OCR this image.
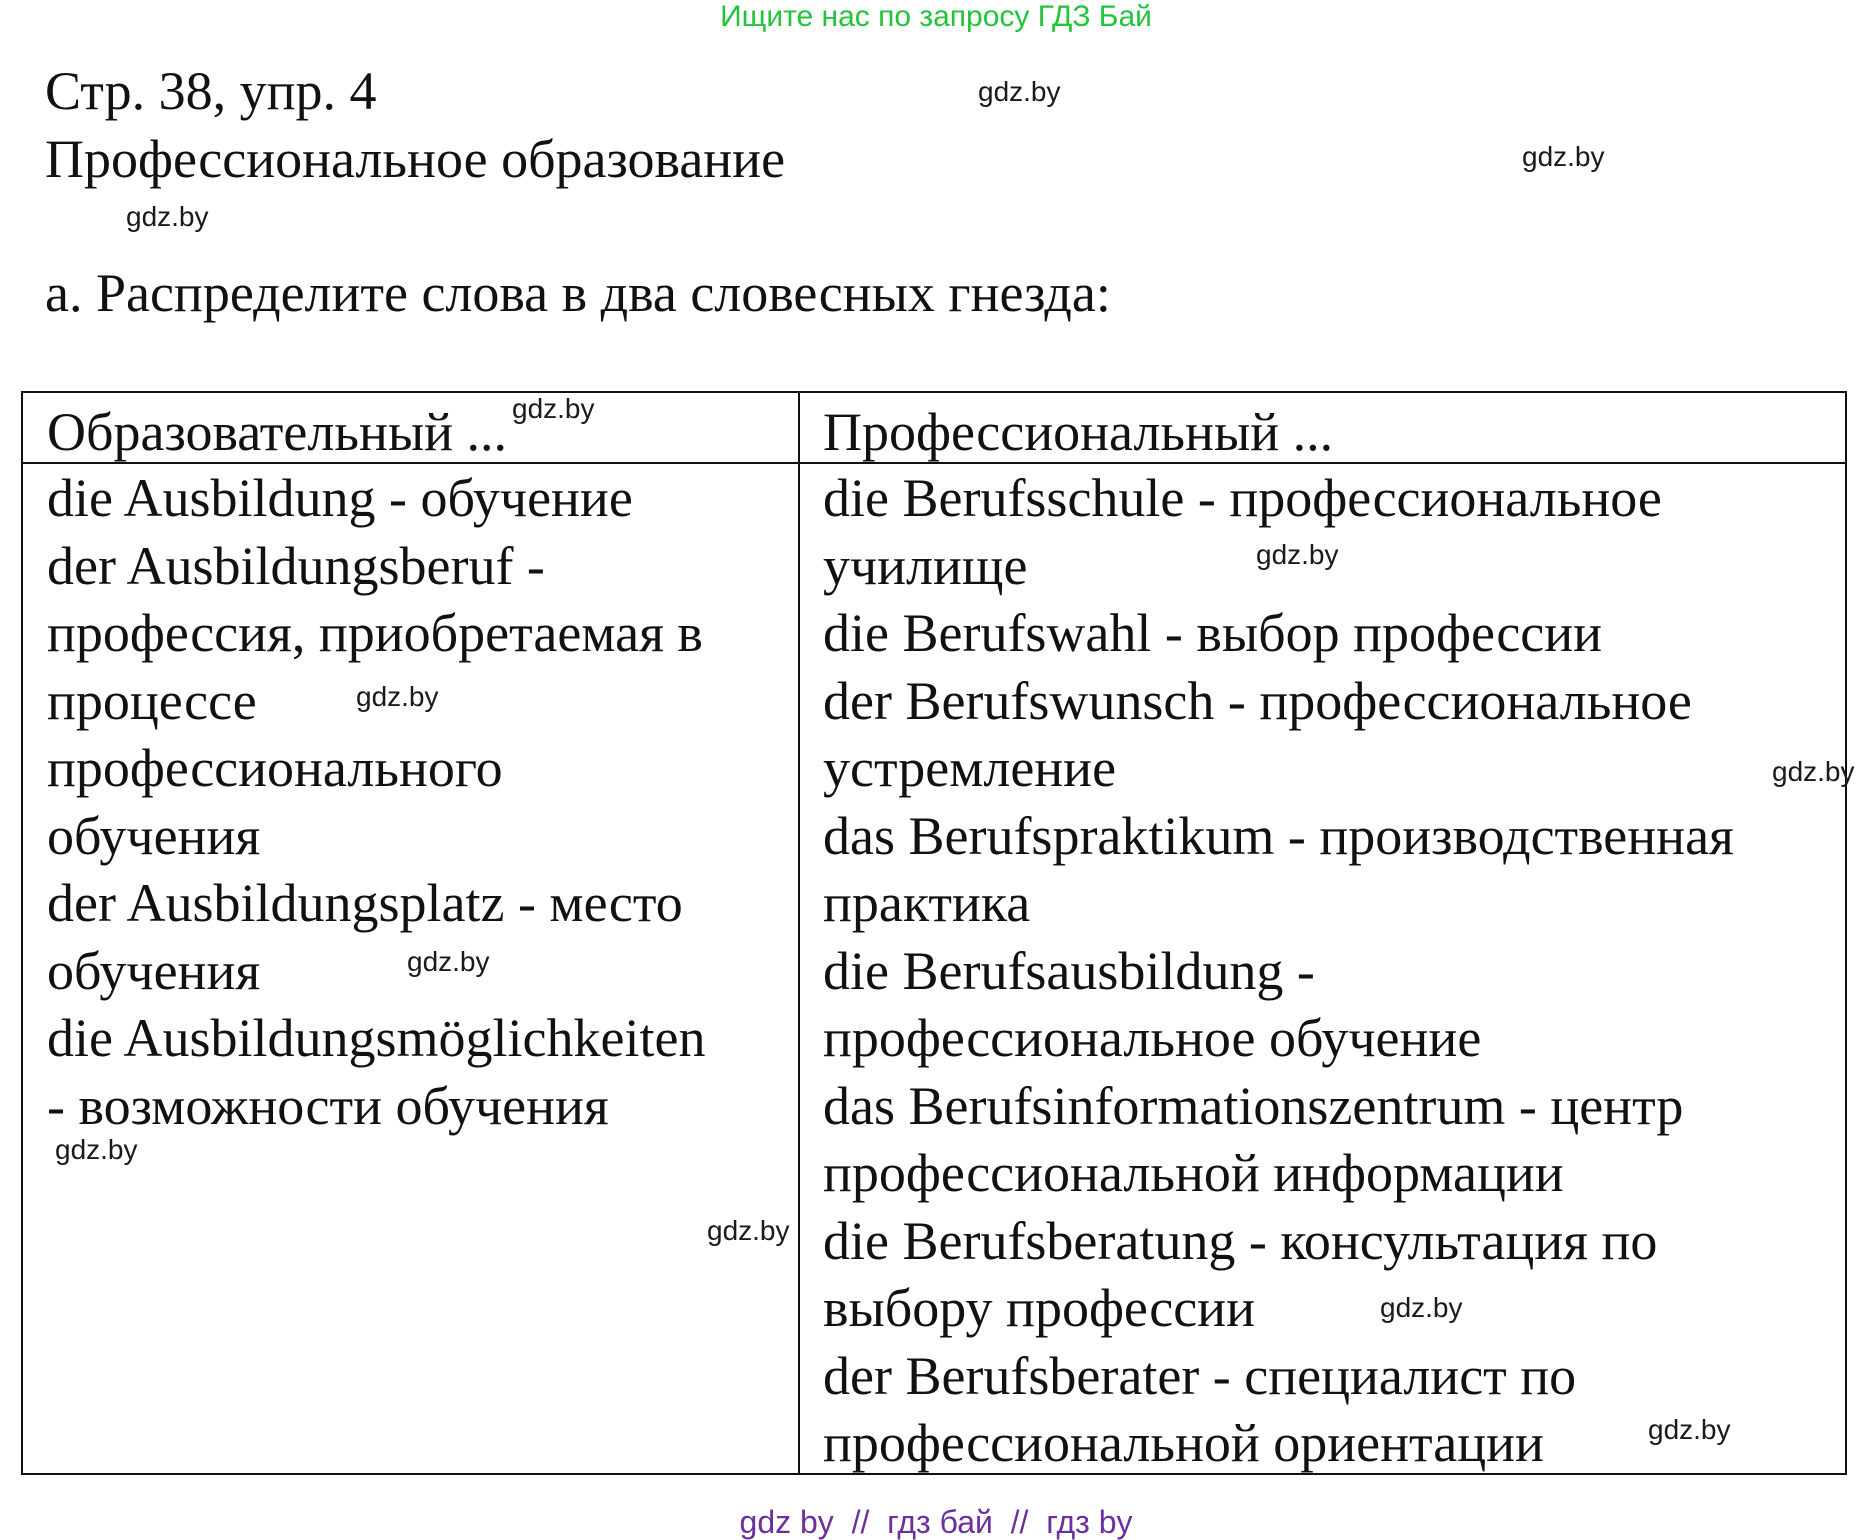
Ищите нас по запросу ГДЗ Бай
Стр. 38, упр. 4
Профессиональное образование
a. Распределите слова в два словесных гнезда:
Образовательный ...	Профессиональный ...
die Ausbildung - обучение
der Ausbildungsberuf -
профессия, приобретаемая в
процессе
профессионального
обучения
der Ausbildungsplatz - место
обучения
die Ausbildungsmöglichkeiten
- возможности обучения
die Berufsschule - профессиональное
училище
die Berufswahl - выбор профессии
der Berufswunsch - профессиональное
устремление
das Berufspraktikum - производственная
практика
die Berufsausbildung -
профессиональное обучение
das Berufsinformationszentrum - центр
профессиональной информации
die Berufsberatung - консультация по
выбору профессии
der Berufsberater - специалист по
профессиональной ориентации
gdz.by
gdz.by
gdz.by
gdz.by
gdz.by
gdz.by
gdz.by
gdz.by
gdz.by
gdz.by
gdz.by
gdz.by
gdz by  //  гдз бай  //  гдз by
